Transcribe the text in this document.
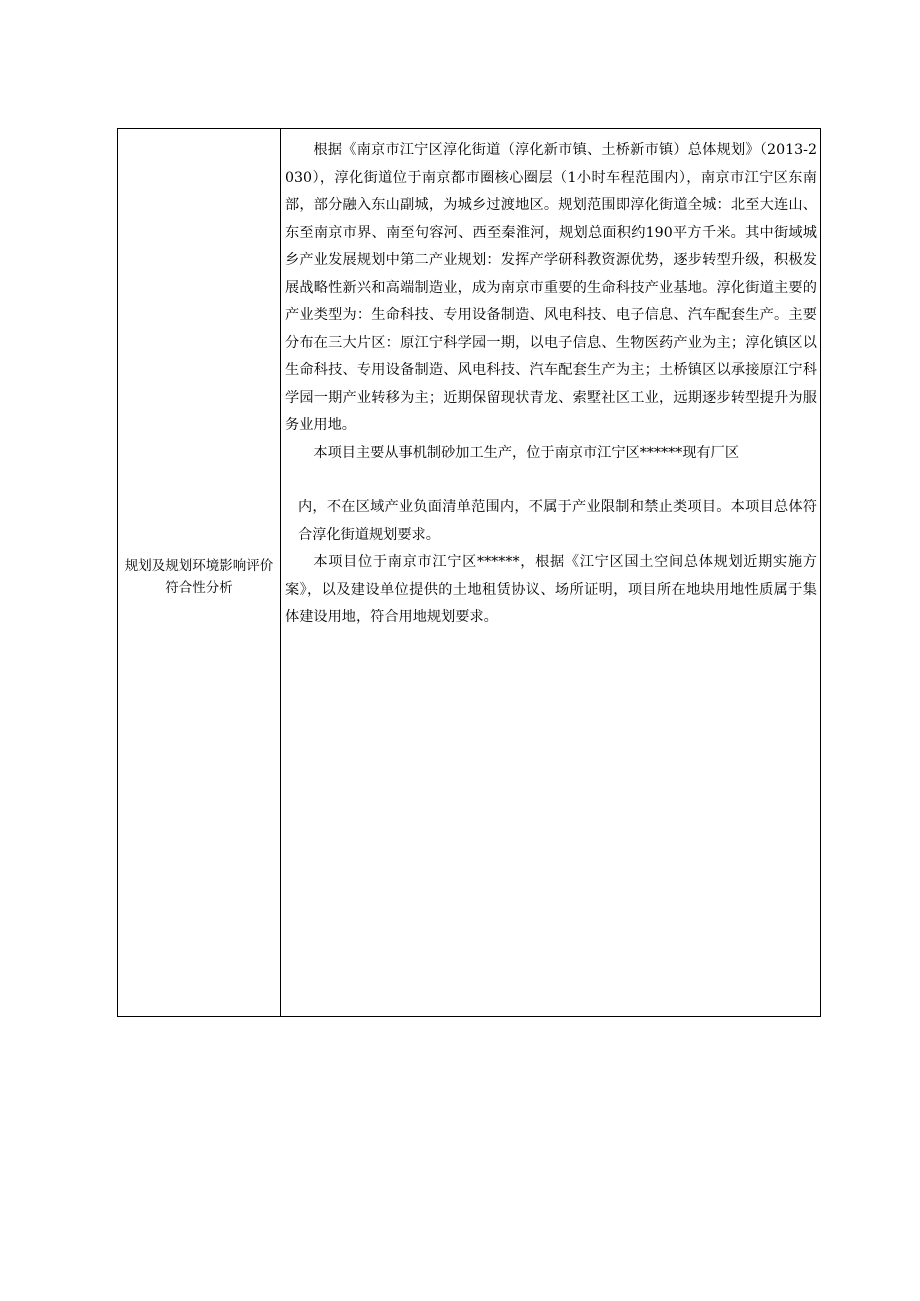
规划及规划环境影响评价符合性分析

根据《南京市江宁区淳化街道（淳化新市镇、土桥新市镇）总体规划》（2013-2030），淳化街道位于南京都市圈核心圈层（1小时车程范围内），南京市江宁区东南部，部分融入东山副城，为城乡过渡地区。规划范围即淳化街道全城：北至大连山、东至南京市界、南至句容河、西至秦淮河，规划总面积约190平方千米。其中街域城乡产业发展规划中第二产业规划：发挥产学研科教资源优势，逐步转型升级，积极发展战略性新兴和高端制造业，成为南京市重要的生命科技产业基地。淳化街道主要的产业类型为：生命科技、专用设备制造、风电科技、电子信息、汽车配套生产。主要分布在三大片区：原江宁科学园一期，以电子信息、生物医药产业为主；淳化镇区以生命科技、专用设备制造、风电科技、汽车配套生产为主；土桥镇区以承接原江宁科学园一期产业转移为主；近期保留现状青龙、索墅社区工业，远期逐步转型提升为服务业用地。

本项目主要从事机制砂加工生产，位于南京市江宁区******现有厂区

内，不在区域产业负面清单范围内，不属于产业限制和禁止类项目。本项目总体符合淳化街道规划要求。

本项目位于南京市江宁区******，根据《江宁区国土空间总体规划近期实施方案》，以及建设单位提供的土地租赁协议、场所证明，项目所在地块用地性质属于集体建设用地，符合用地规划要求。
